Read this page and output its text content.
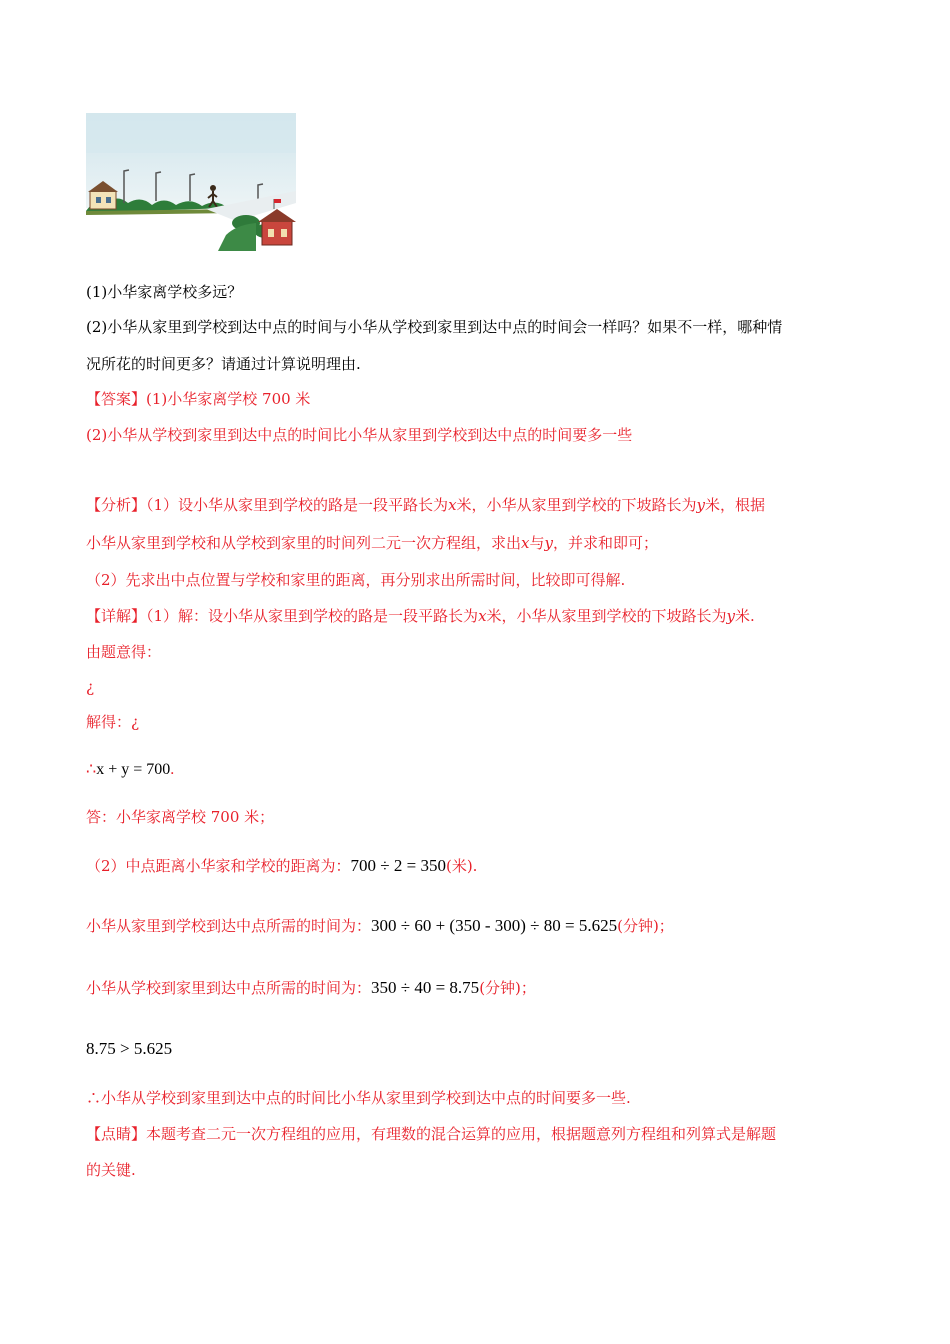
(1)小华家离学校多远？
(2)小华从家里到学校到达中点的时间与小华从学校到家里到达中点的时间会一样吗？如果不一样，哪种情
况所花的时间更多？请通过计算说明理由.
【答案】(1)小华家离学校 700 米
(2)小华从学校到家里到达中点的时间比小华从家里到学校到达中点的时间要多一些
【分析】（1）设小华从家里到学校的路是一段平路长为x米，小华从家里到学校的下坡路长为y米，根据
小华从家里到学校和从学校到家里的时间列二元一次方程组，求出x与y，并求和即可；
（2）先求出中点位置与学校和家里的距离，再分别求出所需时间，比较即可得解.
【详解】（1）解：设小华从家里到学校的路是一段平路长为x米，小华从家里到学校的下坡路长为y米.
由题意得：
¿
解得：¿
∴x + y = 700.
答：小华家离学校 700 米；
（2）中点距离小华家和学校的距离为：700 ÷ 2 = 350(米).
小华从家里到学校到达中点所需的时间为：300 ÷ 60 + (350 - 300) ÷ 80 = 5.625(分钟)；
小华从学校到家里到达中点所需的时间为：350 ÷ 40 = 8.75(分钟)；
8.75 > 5.625
∴小华从学校到家里到达中点的时间比小华从家里到学校到达中点的时间要多一些.
【点睛】本题考查二元一次方程组的应用，有理数的混合运算的应用，根据题意列方程组和列算式是解题
的关键.
